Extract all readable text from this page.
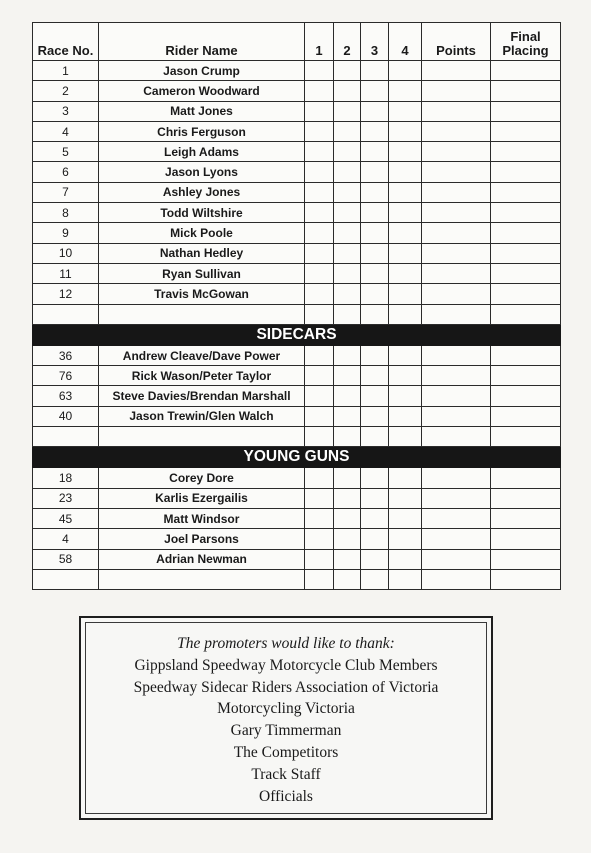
Race No.	Rider Name	1	2	3	4	Points	Final
Placing
1	Jason Crump						
2	Cameron Woodward						
3	Matt Jones						
4	Chris Ferguson						
5	Leigh Adams						
6	Jason Lyons						
7	Ashley Jones						
8	Todd Wiltshire						
9	Mick Poole						
10	Nathan Hedley						
11	Ryan Sullivan						
12	Travis McGowan						

SIDECARS							
36	Andrew Cleave/Dave Power						
76	Rick Wason/Peter Taylor						
63	Steve Davies/Brendan Marshall						
40	Jason Trewin/Glen Walch						

YOUNG GUNS							
18	Corey Dore						
23	Karlis Ezergailis						
45	Matt Windsor						
4	Joel Parsons						
58	Adrian Newman						

The promoters would like to thank:
Gippsland Speedway Motorcycle Club Members
Speedway Sidecar Riders Association of Victoria
Motorcycling Victoria
Gary Timmerman
The Competitors
Track Staff
Officials
